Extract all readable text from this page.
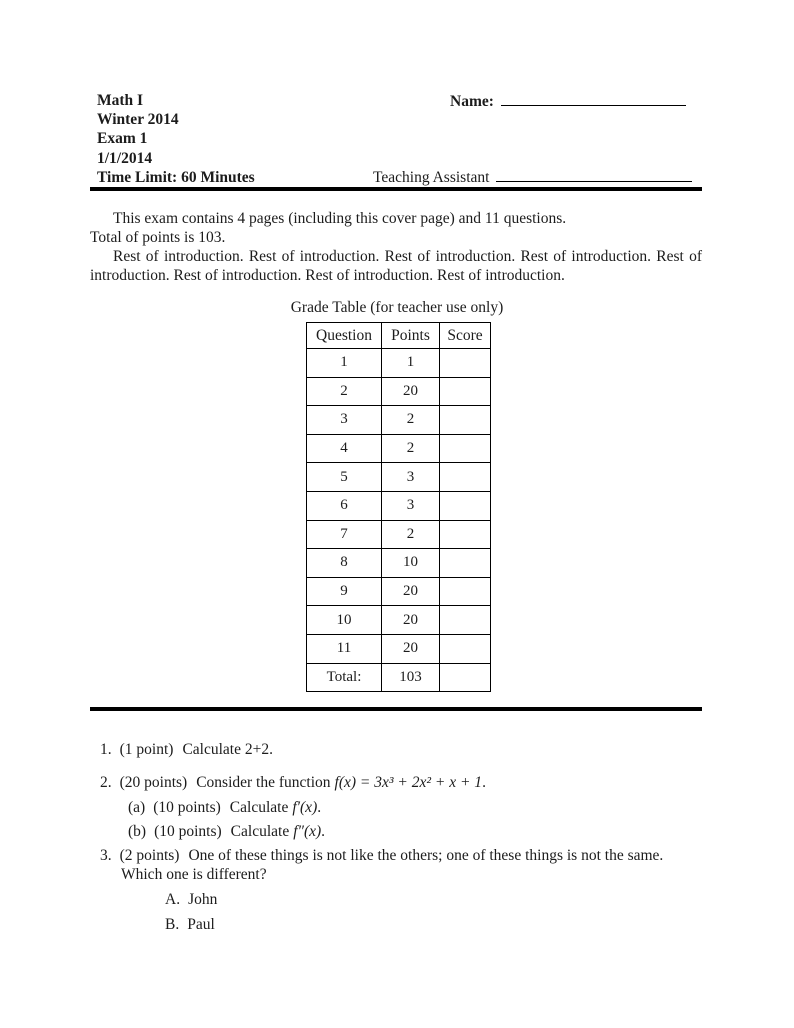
Math I
Winter 2014
Exam 1
1/1/2014
Time Limit: 60 Minutes
Name:
Teaching Assistant
This exam contains 4 pages (including this cover page) and 11 questions.
Total of points is 103.

Rest of introduction. Rest of introduction. Rest of introduction. Rest of introduction. Rest of introduction. Rest of introduction. Rest of introduction. Rest of introduction.

Grade Table (for teacher use only)
Question	Points	Score
1	1	
2	20	
3	2	
4	2	
5	3	
6	3	
7	2	
8	10	
9	20	
10	20	
11	20	
Total:	103	
1. (1 point) Calculate 2+2.
2. (20 points) Consider the function f(x) = 3x³ + 2x² + x + 1.
(a) (10 points) Calculate f′(x).
(b) (10 points) Calculate f″(x).
3. (2 points) One of these things is not like the others; one of these things is not the same. Which one is different?
A. John
B. Paul
